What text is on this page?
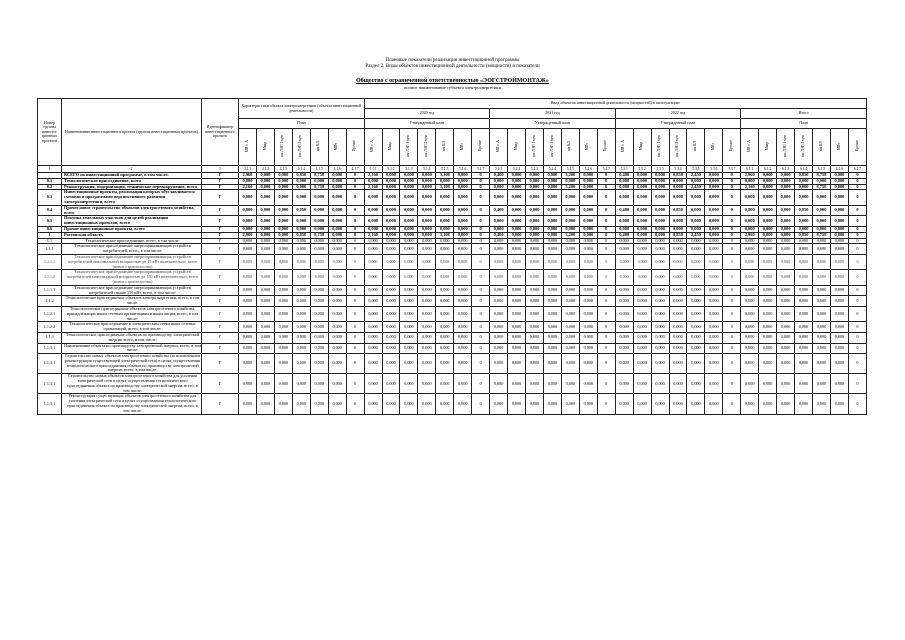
Плановые показатели реализации инвестиционной программы
Раздел 2. Виды объектов инвестиционной деятельности (мощности) и показатели
Общество с ограниченной ответственностью «ЭОГСТРОЙМОНТАЖ»
полное наименование субъекта электроэнергетики
Номер группы инвести-ционных проектов	Наименование инвестиционного проекта (группы инвестиционных проектов)	Идентификатор инвестиционного проекта	Характеристики объекта электроэнергетики (объекта инвестиционной деятельности)							Ввод объектов инвестиционной деятельности (мощностей) в эксплуатацию																											
										2020 год							2021 год							2022 год							Итого						
			План							Утвержденный план							Утвержденный план							Утвержденный план							План						
			МВ×А	Мвар	км ЛЭП 1-цеп	км ЛЭП 2-цеп	км КЛ	МВт	Прочие	МВ×А	Мвар	км ЛЭП 1-цеп	км ЛЭП 2-цеп	км КЛ	МВт	Прочие	МВ×А	Мвар	км ЛЭП 1-цеп	км ЛЭП 2-цеп	км КЛ	МВт	Прочие	МВ×А	Мвар	км ЛЭП 1-цеп	км ЛЭП 2-цеп	км КЛ	МВт	Прочие	МВ×А	Мвар	км ЛЭП 1-цеп	км ЛЭП 2-цеп	км КЛ	МВт	Прочие
1	2	3	4.1.1	4.1.2	4.1.3	4.1.4	4.1.5	4.1.6	4.1.7	5.1.1	5.1.2	5.1.3	5.1.4	5.1.5	5.1.6	5.1.7	5.2.1	5.2.2	5.2.3	5.2.4	5.2.5	5.2.6	5.2.7	5.3.1	5.3.2	5.3.3	5.3.4	5.3.5	5.3.6	5.3.7	6.1.1	6.1.2	6.1.3	6.1.4	6.1.5	6.1.6	6.1.7
	ВСЕГО по инвестиционной программе, в том числе:	Г	2,960	0,000	0,000	0,850	8,758	0,000	0	2,160	0,000	0,000	0,000	3,108	0,000	0	0,400	0,000	0,000	0,000	3,200	0,000	0	0,400	0,000	0,000	0,850	2,450	0,000	0	2,960	0,000	0,000	0,850	8,758	0,000	0
0.1	Технологическое присоединение, всего	Г	0,000	0,000	0,000	0,000	0,000	0,000	0	0,000	0,000	0,000	0,000	0,000	0,000	0	0,000	0,000	0,000	0,000	0,000	0,000	0	0,000	0,000	0,000	0,000	0,000	0,000	0	0,000	0,000	0,000	0,000	0,000	0,000	0
0.2	Реконструкция, модернизация, техническое перевооружение, всего	Г	2,160	0,000	0,000	0,000	8,758	0,000	0	2,160	0,000	0,000	0,000	3,108	0,000	0	0,000	0,000	0,000	0,000	3,200	0,000	0	0,000	0,000	0,000	0,000	2,450	0,000	0	2,160	0,000	0,000	0,000	8,758	0,000	0
0.3	Инвестиционные проекты, реализация которых обуславливается схемами и программами перспективного развития электроэнергетики, всего	Г	0,000	0,000	0,000	0,000	0,000	0,000	0	0,000	0,000	0,000	0,000	0,000	0,000	0	0,000	0,000	0,000	0,000	0,000	0,000	0	0,000	0,000	0,000	0,000	0,000	0,000	0	0,000	0,000	0,000	0,000	0,000	0,000	0
0.4	Прочее новое строительство объектов электросетевого хозяйства, всего	Г	0,800	0,000	0,000	0,850	0,000	0,000	0	0,000	0,000	0,000	0,000	0,000	0,000	0	0,400	0,000	0,000	0,000	0,000	0,000	0	0,400	0,000	0,000	0,850	0,000	0,000	0	0,800	0,000	0,000	0,850	0,000	0,000	0
0.5	Покупка земельных участков для целей реализации инвестиционных проектов, всего	Г	0,000	0,000	0,000	0,000	0,000	0,000	0	0,000	0,000	0,000	0,000	0,000	0,000	0	0,000	0,000	0,000	0,000	0,000	0,000	0	0,000	0,000	0,000	0,000	0,000	0,000	0	0,000	0,000	0,000	0,000	0,000	0,000	0
0.6	Прочие инвестиционные проекты, всего	Г	0,000	0,000	0,000	0,000	0,000	0,000	0	0,000	0,000	0,000	0,000	0,000	0,000	0	0,000	0,000	0,000	0,000	0,000	0,000	0	0,000	0,000	0,000	0,000	0,000	0,000	0	0,000	0,000	0,000	0,000	0,000	0,000	0
1	Ростовская область	Г	2,960	0,000	0,000	0,850	8,758	0,000	0	2,160	0,000	0,000	0,000	3,108	0,000	0	0,400	0,000	0,000	0,000	3,200	0,000	0	0,400	0,000	0,000	0,850	2,450	0,000	0	2,960	0,000	0,000	0,850	8,758	0,000	0
1.1	Технологическое присоединение, всего, в том числе:	Г	0,000	0,000	0,000	0,000	0,000	0,000	0	0,000	0,000	0,000	0,000	0,000	0,000	0	0,000	0,000	0,000	0,000	0,000	0,000	0	0,000	0,000	0,000	0,000	0,000	0,000	0	0,000	0,000	0,000	0,000	0,000	0,000	0
1.1.1	Технологическое присоединение энергопринимающих устройств потребителей, всего, в том числе:	Г	0,000	0,000	0,000	0,000	0,000	0,000	0	0,000	0,000	0,000	0,000	0,000	0,000	0	0,000	0,000	0,000	0,000	0,000	0,000	0	0,000	0,000	0,000	0,000	0,000	0,000	0	0,000	0,000	0,000	0,000	0,000	0,000	0
1.1.1.1	Технологическое присоединение энергопринимающих устройств потребителей максимальной мощностью до 15 кВт включительно, всего (новое строительство)	Г	0,000	0,000	0,000	0,000	0,000	0,000	0	0,000	0,000	0,000	0,000	0,000	0,000	0	0,000	0,000	0,000	0,000	0,000	0,000	0	0,000	0,000	0,000	0,000	0,000	0,000	0	0,000	0,000	0,000	0,000	0,000	0,000	0
1.1.1.2	Технологическое присоединение энергопринимающих устройств потребителей максимальной мощностью до 150 кВт включительно, всего (новое строительство)	Г	0,000	0,000	0,000	0,000	0,000	0,000	0	0,000	0,000	0,000	0,000	0,000	0,000	0	0,000	0,000	0,000	0,000	0,000	0,000	0	0,000	0,000	0,000	0,000	0,000	0,000	0	0,000	0,000	0,000	0,000	0,000	0,000	0
1.1.1.3	Технологическое присоединение энергопринимающих устройств потребителей свыше 150 кВт, всего, в том числе:	Г	0,000	0,000	0,000	0,000	0,000	0,000	0	0,000	0,000	0,000	0,000	0,000	0,000	0	0,000	0,000	0,000	0,000	0,000	0,000	0	0,000	0,000	0,000	0,000	0,000	0,000	0	0,000	0,000	0,000	0,000	0,000	0,000	0
1.1.2	Технологическое присоединение объектов электроэнергетики, всего, в том числе:	Г	0,000	0,000	0,000	0,000	0,000	0,000	0	0,000	0,000	0,000	0,000	0,000	0,000	0	0,000	0,000	0,000	0,000	0,000	0,000	0	0,000	0,000	0,000	0,000	0,000	0,000	0	0,000	0,000	0,000	0,000	0,000	0,000	0
1.1.2.1	Технологическое присоединение объектов электросетевого хозяйства, принадлежащих иным сетевым организациям и иным лицам, всего, в том числе:	Г	0,000	0,000	0,000	0,000	0,000	0,000	0	0,000	0,000	0,000	0,000	0,000	0,000	0	0,000	0,000	0,000	0,000	0,000	0,000	0	0,000	0,000	0,000	0,000	0,000	0,000	0	0,000	0,000	0,000	0,000	0,000	0,000	0
1.1.2.2	Технологическое присоединение к электрическим сетям иных сетевых организаций, всего, в том числе:	Г	0,000	0,000	0,000	0,000	0,000	0,000	0	0,000	0,000	0,000	0,000	0,000	0,000	0	0,000	0,000	0,000	0,000	0,000	0,000	0	0,000	0,000	0,000	0,000	0,000	0,000	0	0,000	0,000	0,000	0,000	0,000	0,000	0
1.1.3	Технологическое присоединение объектов по производству электрической энергии всего, в том числе:	Г	0,000	0,000	0,000	0,000	0,000	0,000	0	0,000	0,000	0,000	0,000	0,000	0,000	0	0,000	0,000	0,000	0,000	0,000	0,000	0	0,000	0,000	0,000	0,000	0,000	0,000	0	0,000	0,000	0,000	0,000	0,000	0,000	0
1.1.3.1	Наименование объекта по производству электрической энергии, всего, в том числе:	Г	0,000	0,000	0,000	0,000	0,000	0,000	0	0,000	0,000	0,000	0,000	0,000	0,000	0	0,000	0,000	0,000	0,000	0,000	0,000	0	0,000	0,000	0,000	0,000	0,000	0,000	0	0,000	0,000	0,000	0,000	0,000	0,000	0
1.1.3.1	Строительство новых объектов электросетевого хозяйства (за исключением реконструкции существующей электрической сети) в целях осуществления технологического присоединения объекта по производству электрической энергии, всего, в том числе:	Г	0,000	0,000	0,000	0,000	0,000	0,000	0	0,000	0,000	0,000	0,000	0,000	0,000	0	0,000	0,000	0,000	0,000	0,000	0,000	0	0,000	0,000	0,000	0,000	0,000	0,000	0	0,000	0,000	0,000	0,000	0,000	0,000	0
1.1.3.1	Строительство новых объектов электросетевого хозяйства для усиления электрической сети в целях осуществления технологического присоединения объекта по производству электрической энергии, всего, в том числе:	Г	0,000	0,000	0,000	0,000	0,000	0,000	0	0,000	0,000	0,000	0,000	0,000	0,000	0	0,000	0,000	0,000	0,000	0,000	0,000	0	0,000	0,000	0,000	0,000	0,000	0,000	0	0,000	0,000	0,000	0,000	0,000	0,000	0
1.1.3.1	Реконструкция существующих объектов электросетевого хозяйства для усиления электрической сети в целях осуществления технологического присоединения объекта по производству электрической энергии, всего, в том числе:	Г	0,000	0,000	0,000	0,000	0,000	0,000	0	0,000	0,000	0,000	0,000	0,000	0,000	0	0,000	0,000	0,000	0,000	0,000	0,000	0	0,000	0,000	0,000	0,000	0,000	0,000	0	0,000	0,000	0,000	0,000	0,000	0,000	0
